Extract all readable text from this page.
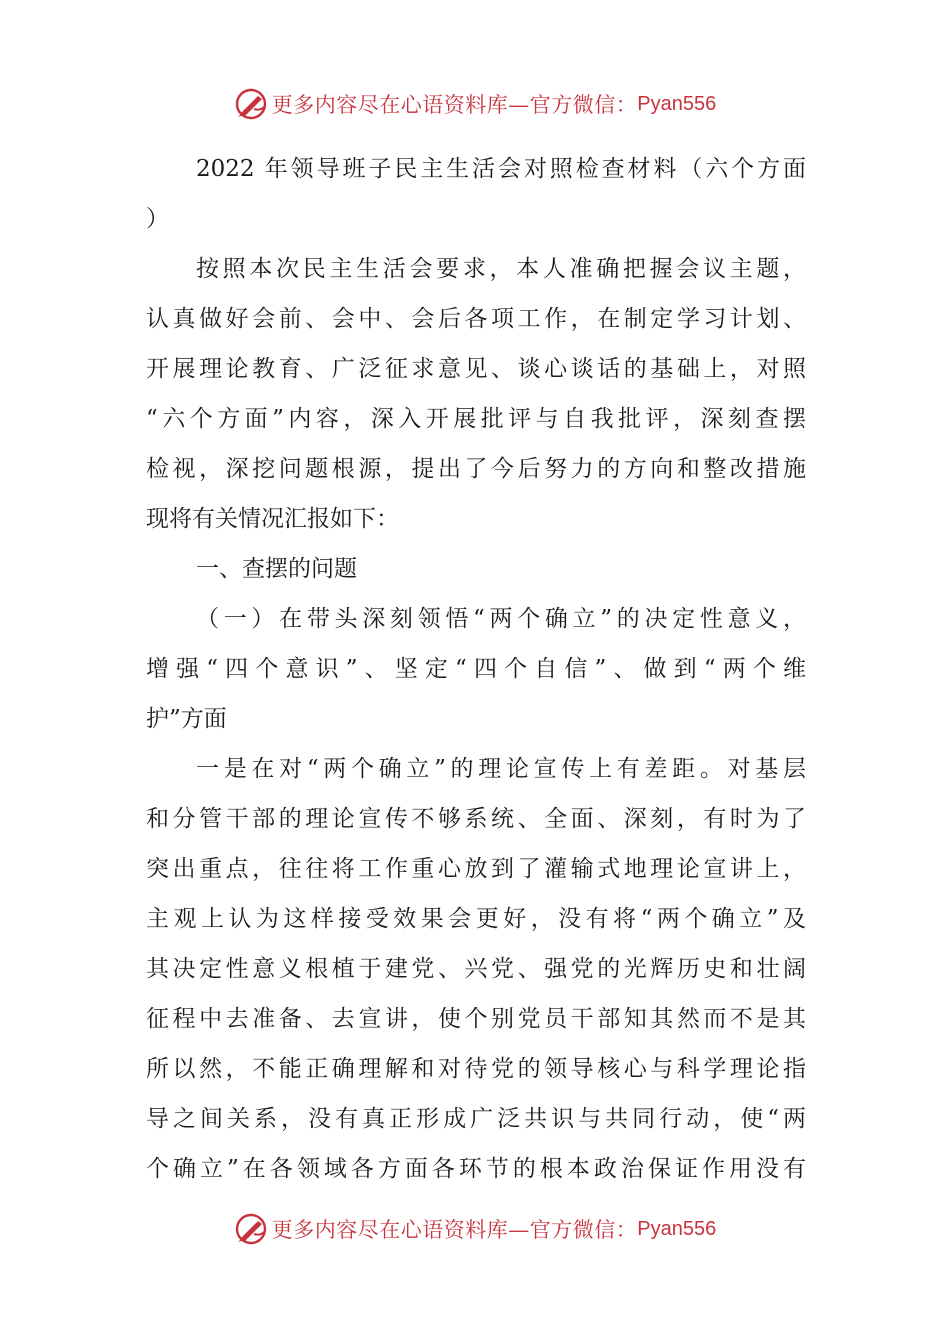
更多内容尽在心语资料库—官方微信： Pyan556
2022 年领导班子民主生活会对照检查材料（六个方面
）
按照本次民主生活会要求，本人准确把握会议主题，
认真做好会前、会中、会后各项工作，在制定学习计划、
开展理论教育、广泛征求意见、谈心谈话的基础上，对照
“六个方面”内容，深入开展批评与自我批评，深刻查摆
检视，深挖问题根源，提出了今后努力的方向和整改措施
现将有关情况汇报如下：
一、查摆的问题
（一）在带头深刻领悟“两个确立”的决定性意义，
增强“四个意识”、坚定“四个自信”、做到“两个维
护”方面
一是在对“两个确立”的理论宣传上有差距。对基层
和分管干部的理论宣传不够系统、全面、深刻，有时为了
突出重点，往往将工作重心放到了灌输式地理论宣讲上，
主观上认为这样接受效果会更好，没有将“两个确立”及
其决定性意义根植于建党、兴党、强党的光辉历史和壮阔
征程中去准备、去宣讲，使个别党员干部知其然而不是其
所以然，不能正确理解和对待党的领导核心与科学理论指
导之间关系，没有真正形成广泛共识与共同行动，使“两
个确立”在各领域各方面各环节的根本政治保证作用没有
更多内容尽在心语资料库—官方微信： Pyan556
